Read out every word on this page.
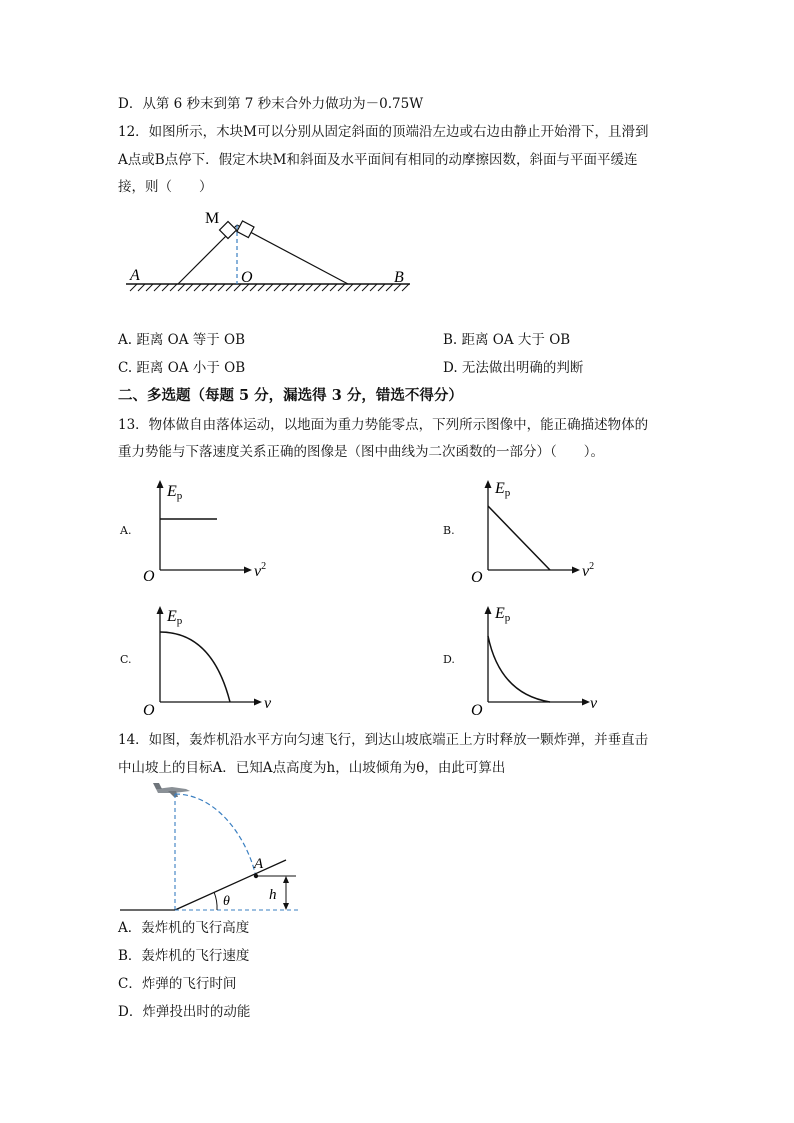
D．从第 6 秒末到第 7 秒末合外力做功为－0.75W
12．如图所示，木块M可以分别从固定斜面的顶端沿左边或右边由静止开始滑下，且滑到
A点或B点停下．假定木块M和斜面及水平面间有相同的动摩擦因数，斜面与平面平缓连
接，则（　　）
M
A	O	B
A. 距离 OA 等于 OB	B. 距离 OA 大于 OB
C. 距离 OA 小于 OB	D. 无法做出明确的判断
二、多选题（每题 5 分，漏选得 3 分，错选不得分）
13．物体做自由落体运动，以地面为重力势能零点，下列所示图像中，能正确描述物体的
重力势能与下落速度关系正确的图像是（图中曲线为二次函数的一部分）（　　）。
A.
Ep
O	$v^2$
B.
Ep
O	$v^2$
C.
Ep
O	v
D.
Ep
O	v
14．如图，轰炸机沿水平方向匀速飞行，到达山坡底端正上方时释放一颗炸弹，并垂直击
中山坡上的目标A．已知A点高度为h，山坡倾角为θ，由此可算出
A
h
θ
A．轰炸机的飞行高度
B．轰炸机的飞行速度
C．炸弹的飞行时间
D．炸弹投出时的动能
